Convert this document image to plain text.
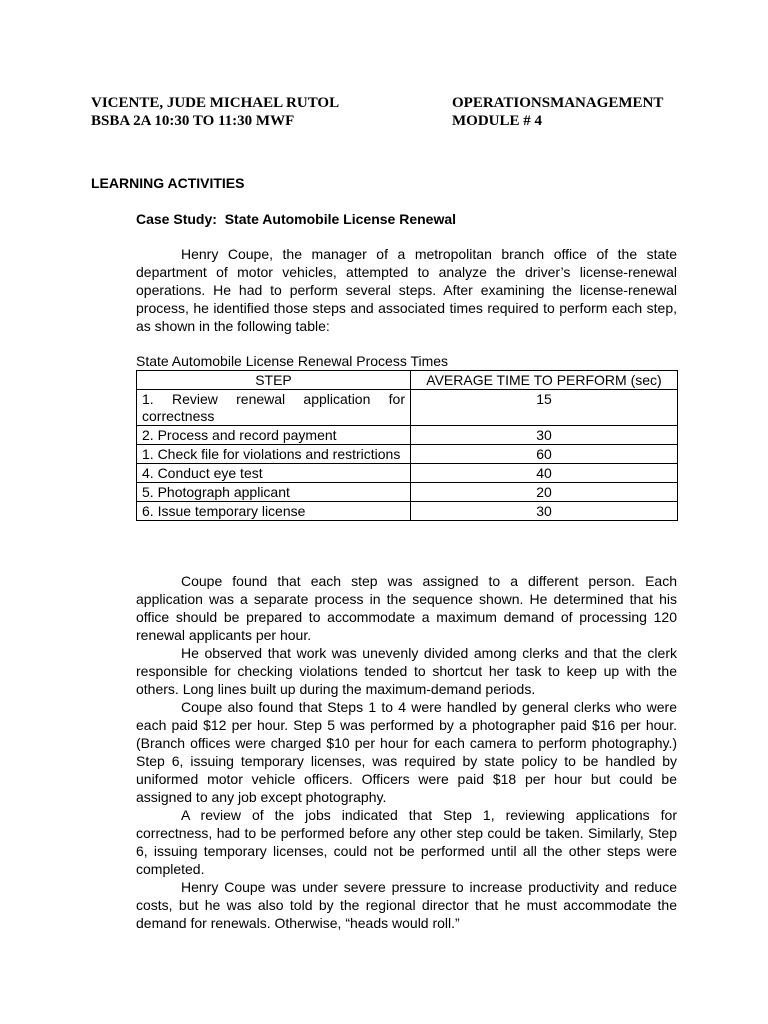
VICENTE, JUDE MICHAEL RUTOL
BSBA 2A 10:30 TO 11:30 MWF
OPERATIONSMANAGEMENT
MODULE # 4
LEARNING ACTIVITIES
Case Study:  State Automobile License Renewal

Henry Coupe, the manager of a metropolitan branch office of the state department of motor vehicles, attempted to analyze the driver’s license-renewal operations. He had to perform several steps. After examining the license-renewal process, he identified those steps and associated times required to perform each step, as shown in the following table:

State Automobile License Renewal Process Times
STEP	AVERAGE TIME TO PERFORM (sec)
1. Review renewal application for correctness	15
2. Process and record payment	30
1. Check file for violations and restrictions	60
4. Conduct eye test	40
5. Photograph applicant	20
6. Issue temporary license	30

Coupe found that each step was assigned to a different person. Each application was a separate process in the sequence shown. He determined that his office should be prepared to accommodate a maximum demand of processing 120 renewal applicants per hour.

He observed that work was unevenly divided among clerks and that the clerk responsible for checking violations tended to shortcut her task to keep up with the others. Long lines built up during the maximum-demand periods.

Coupe also found that Steps 1 to 4 were handled by general clerks who were each paid $12 per hour. Step 5 was performed by a photographer paid $16 per hour. (Branch offices were charged $10 per hour for each camera to perform photography.) Step 6, issuing temporary licenses, was required by state policy to be handled by uniformed motor vehicle officers. Officers were paid $18 per hour but could be assigned to any job except photography.

A review of the jobs indicated that Step 1, reviewing applications for correctness, had to be performed before any other step could be taken. Similarly, Step 6, issuing temporary licenses, could not be performed until all the other steps were completed.

Henry Coupe was under severe pressure to increase productivity and reduce costs, but he was also told by the regional director that he must accommodate the demand for renewals. Otherwise, “heads would roll.”
